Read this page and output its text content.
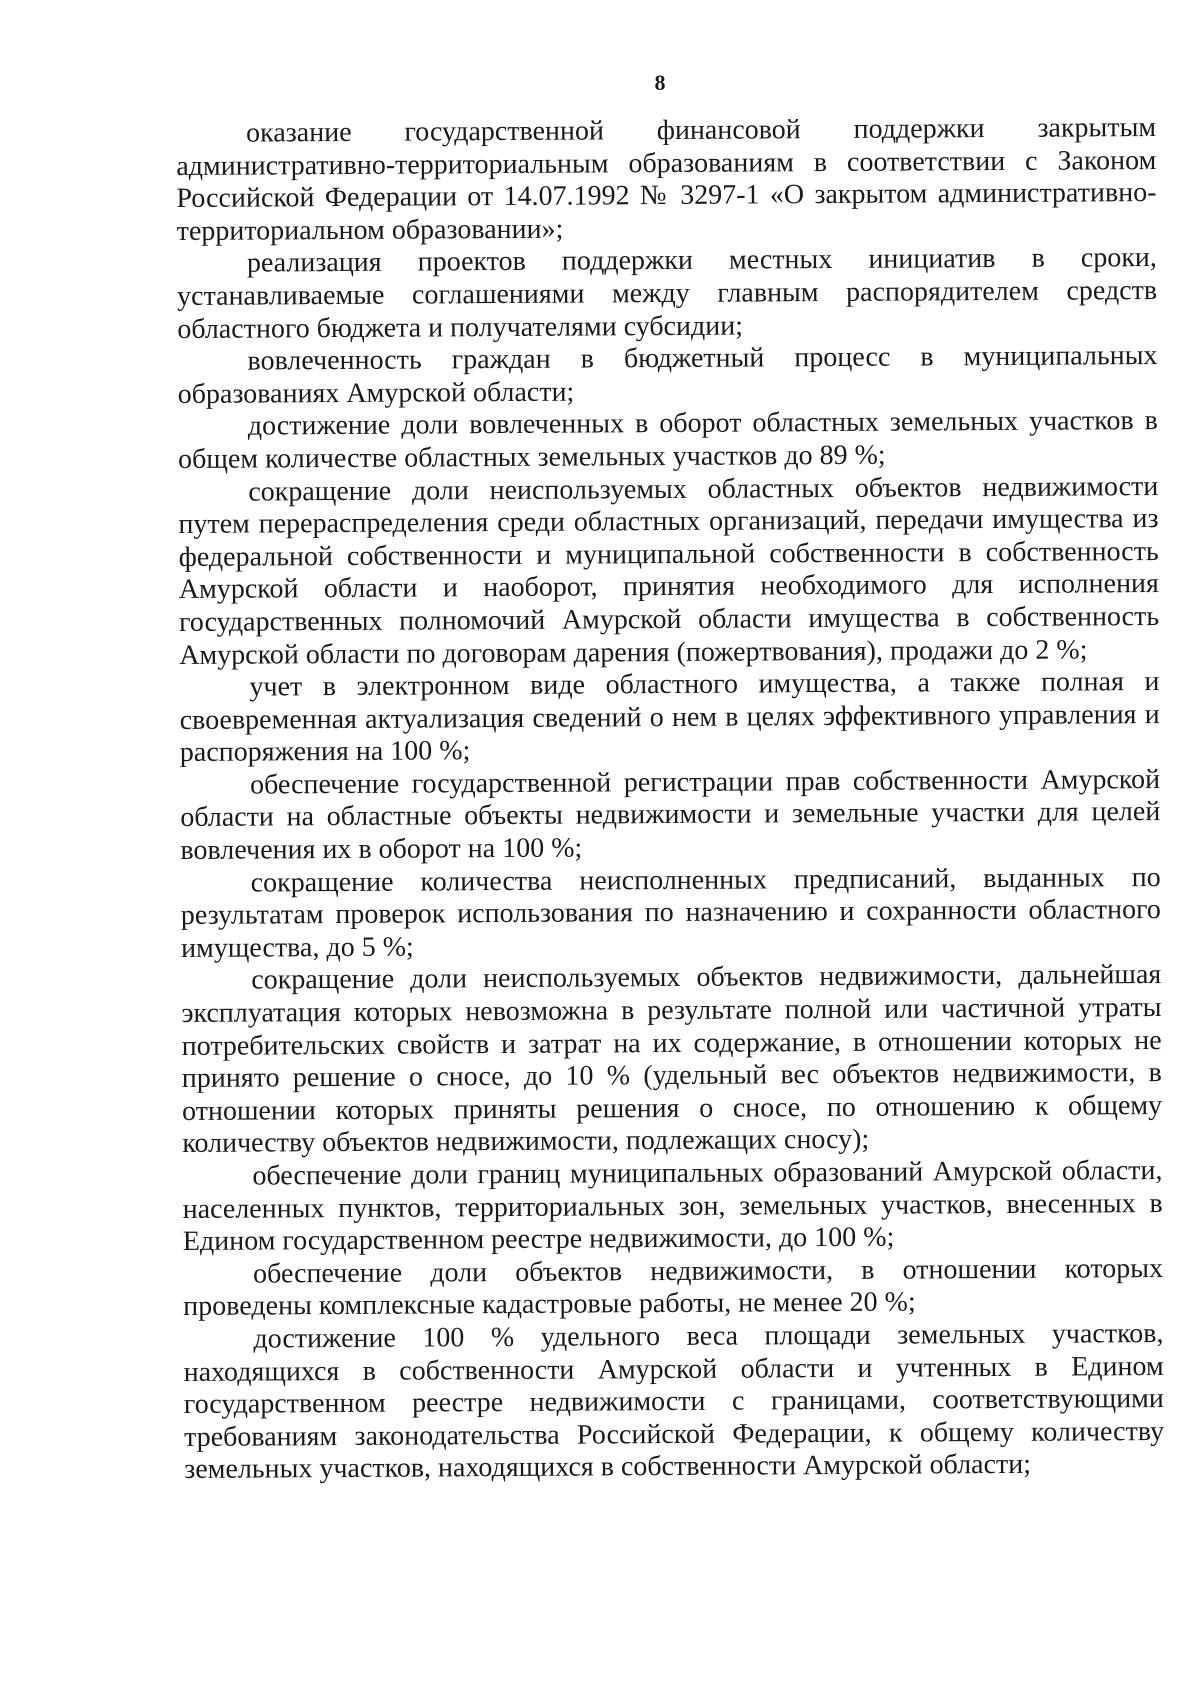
8

оказание государственной финансовой поддержки закрытым административно-территориальным образованиям в соответствии с Законом Российской Федерации от 14.07.1992 № 3297-1 «О закрытом административно-территориальном образовании»;

реализация проектов поддержки местных инициатив в сроки, устанавливаемые соглашениями между главным распорядителем средств областного бюджета и получателями субсидии;

вовлеченность граждан в бюджетный процесс в муниципальных образованиях Амурской области;

достижение доли вовлеченных в оборот областных земельных участков в общем количестве областных земельных участков до 89 %;

сокращение доли неиспользуемых областных объектов недвижимости путем перераспределения среди областных организаций, передачи имущества из федеральной собственности и муниципальной собственности в собственность Амурской области и наоборот, принятия необходимого для исполнения государственных полномочий Амурской области имущества в собственность Амурской области по договорам дарения (пожертвования), продажи до 2 %;

учет в электронном виде областного имущества, а также полная и своевременная актуализация сведений о нем в целях эффективного управления и распоряжения на 100 %;

обеспечение государственной регистрации прав собственности Амурской области на областные объекты недвижимости и земельные участки для целей вовлечения их в оборот на 100 %;

сокращение количества неисполненных предписаний, выданных по результатам проверок использования по назначению и сохранности областного имущества, до 5 %;

сокращение доли неиспользуемых объектов недвижимости, дальнейшая эксплуатация которых невозможна в результате полной или частичной утраты потребительских свойств и затрат на их содержание, в отношении которых не принято решение о сносе, до 10 % (удельный вес объектов недвижимости, в отношении которых приняты решения о сносе, по отношению к общему количеству объектов недвижимости, подлежащих сносу);

обеспечение доли границ муниципальных образований Амурской области, населенных пунктов, территориальных зон, земельных участков, внесенных в Едином государственном реестре недвижимости, до 100 %;

обеспечение доли объектов недвижимости, в отношении которых проведены комплексные кадастровые работы, не менее 20 %;

достижение 100 % удельного веса площади земельных участков, находящихся в собственности Амурской области и учтенных в Едином государственном реестре недвижимости с границами, соответствующими требованиям законодательства Российской Федерации, к общему количеству земельных участков, находящихся в собственности Амурской области;
